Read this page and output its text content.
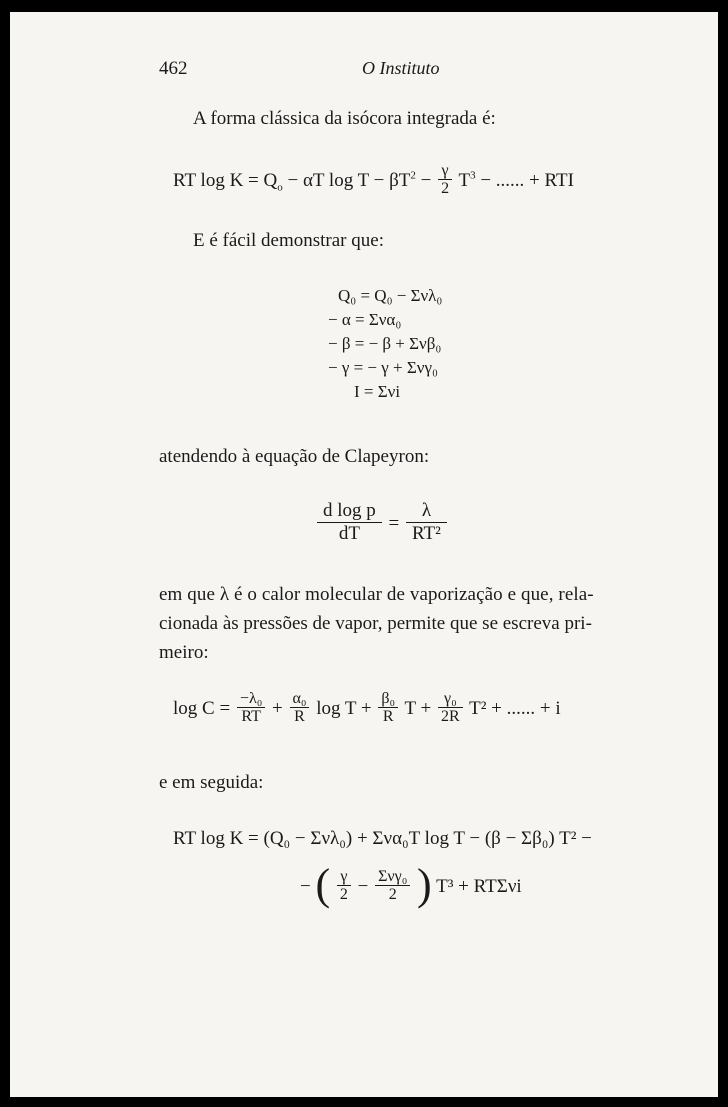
462	O Instituto
A forma clássica da isócora integrada é:
RT $\log K = Q_o - \alpha T$ $\log T - \beta T^2 - \frac{\gamma}{2} T^3$ − ...... + RTI
E é fácil demonstrar que:
Q₀ = Q₀ − Σνλ₀
− α = Σνα₀
− β = − β + Σνβ₀
− γ = − γ + Σνγ₀
I = Σνi
atendendo à equação de Clapeyron:
$\frac{\text{d log p}}{dT} = \frac{\lambda}{\text{RT²}}$
em que λ é o calor molecular de vaporização e que, rela-
cionada às pressões de vapor, permite que se escreva pri-
meiro:
$\log C = \frac{\text{−λ₀}}{RT} + \frac{\text{α₀}}{R}$ $\log T + \frac{\text{β₀}}{R}$ $T + \frac{\text{γ₀}}{2R} T^2$ + ...... + i
e em seguida:
RT log K = (Q₀ − Σνλ₀) + Σνα₀T log T − (β − Σβ₀) T² −
− ( $\frac{\gamma}{2} - \frac{\text{Σνγ₀}}{2}$ ) T³ + RTΣνi
